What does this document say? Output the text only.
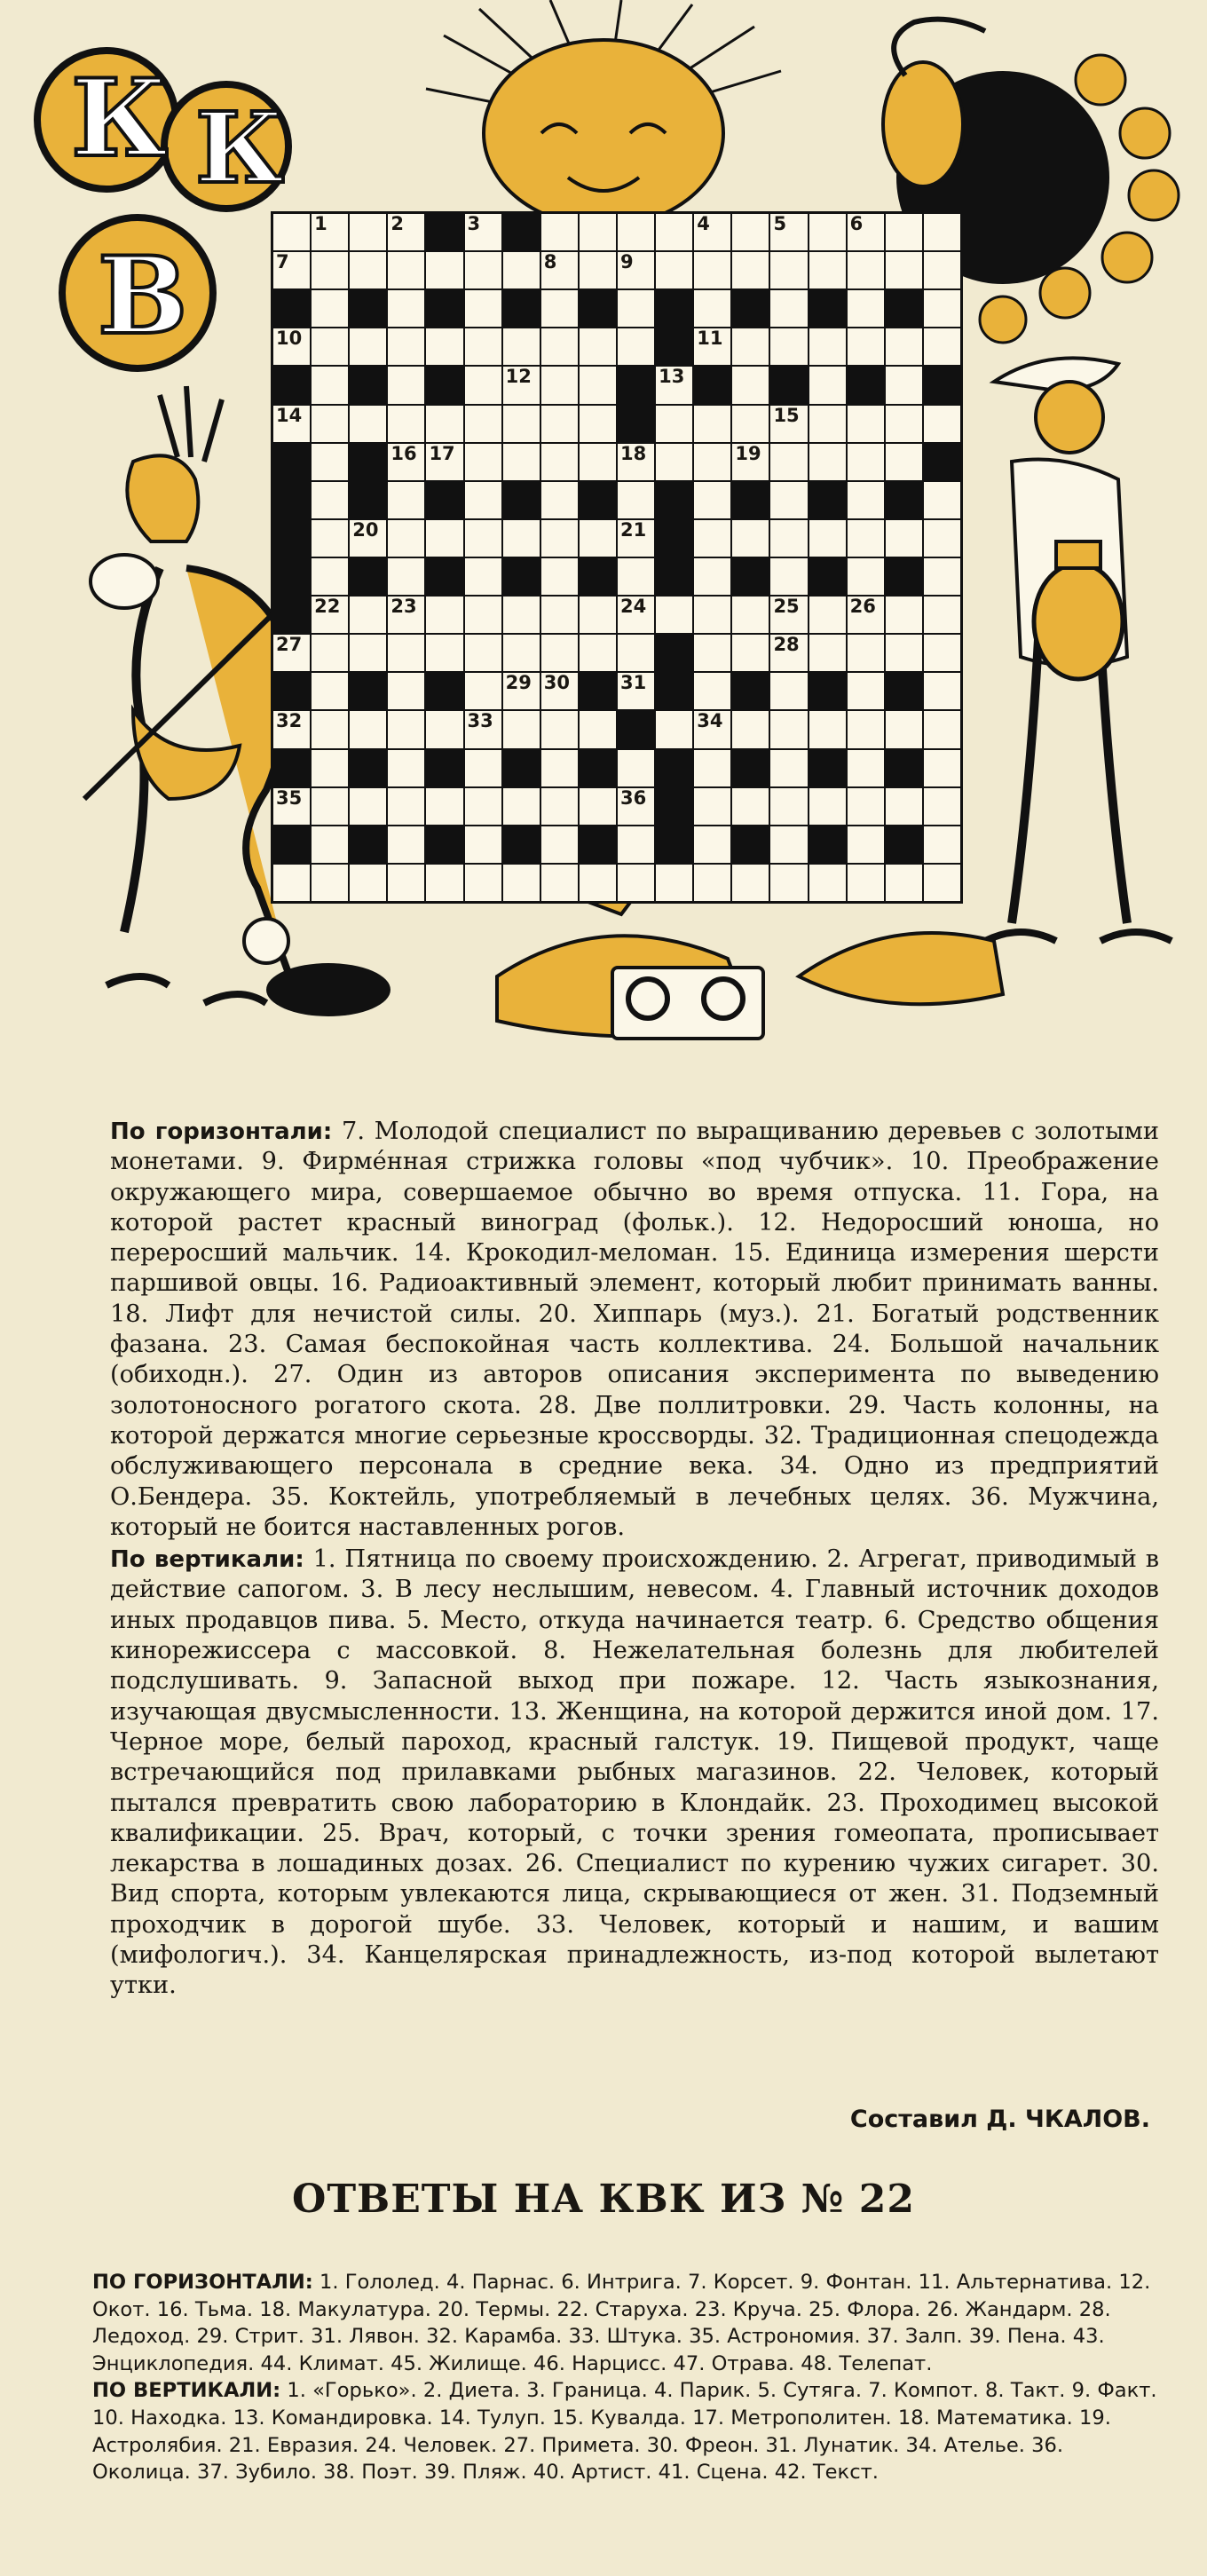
К К
В
1	2	3	4	5	6
7	8	9
10	11
12	13
14	15
16 17	18	19
20	21
22	23	24	25	26
27	28
29 30	31
32	33	34
35	36

По горизонтали: 7. Молодой специалист по выращиванию деревьев с золотыми монетами. 9. Фирме́нная стрижка головы «под чубчик». 10. Преображение окружающего мира, совершаемое обычно во время отпуска. 11. Гора, на которой растет красный виноград (фольк.). 12. Недоросший юноша, но переросший мальчик. 14. Крокодил-меломан. 15. Единица измерения шерсти паршивой овцы. 16. Радиоактивный элемент, который любит принимать ванны. 18. Лифт для нечистой силы. 20. Хиппарь (муз.). 21. Богатый родственник фазана. 23. Самая беспокойная часть коллектива. 24. Большой начальник (обиходн.). 27. Один из авторов описания эксперимента по выведению золотоносного рогатого скота. 28. Две поллитровки. 29. Часть колонны, на которой держатся многие серьезные кроссворды. 32. Традиционная спецодежда обслуживающего персонала в средние века. 34. Одно из предприятий О.Бендера. 35. Коктейль, употребляемый в лечебных целях. 36. Мужчина, который не боится наставленных рогов.

По вертикали: 1. Пятница по своему происхождению. 2. Агрегат, приводимый в действие сапогом. 3. В лесу неслышим, невесом. 4. Главный источник доходов иных продавцов пива. 5. Место, откуда начинается театр. 6. Средство общения кинорежиссера с массовкой. 8. Нежелательная болезнь для любителей подслушивать. 9. Запасной выход при пожаре. 12. Часть языкознания, изучающая двусмысленности. 13. Женщина, на которой держится иной дом. 17. Черное море, белый пароход, красный галстук. 19. Пищевой продукт, чаще встречающийся под прилавками рыбных магазинов. 22. Человек, который пытался превратить свою лабораторию в Клондайк. 23. Проходимец высокой квалификации. 25. Врач, который, с точки зрения гомеопата, прописывает лекарства в лошадиных дозах. 26. Специалист по курению чужих сигарет. 30. Вид спорта, которым увлекаются лица, скрывающиеся от жен. 31. Подземный проходчик в дорогой шубе. 33. Человек, который и нашим, и вашим (мифологич.). 34. Канцелярская принадлежность, из-под которой вылетают утки.

Составил Д. ЧКАЛОВ.
ОТВЕТЫ НА КВК ИЗ № 22

ПО ГОРИЗОНТАЛИ: 1. Гололед. 4. Парнас. 6. Интрига. 7. Корсет. 9. Фонтан. 11. Альтернатива. 12. Окот. 16. Тьма. 18. Макулатура. 20. Термы. 22. Старуха. 23. Круча. 25. Флора. 26. Жандарм. 28. Ледоход. 29. Стрит. 31. Лявон. 32. Карамба. 33. Штука. 35. Астрономия. 37. Залп. 39. Пена. 43. Энциклопедия. 44. Климат. 45. Жилище. 46. Нарцисс. 47. Отрава. 48. Телепат.

ПО ВЕРТИКАЛИ: 1. «Горько». 2. Диета. 3. Граница. 4. Парик. 5. Сутяга. 7. Компот. 8. Такт. 9. Факт. 10. Находка. 13. Командировка. 14. Тулуп. 15. Кувалда. 17. Метрополитен. 18. Математика. 19. Астролябия. 21. Евразия. 24. Человек. 27. Примета. 30. Фреон. 31. Лунатик. 34. Ателье. 36. Околица. 37. Зубило. 38. Поэт. 39. Пляж. 40. Артист. 41. Сцена. 42. Текст.
